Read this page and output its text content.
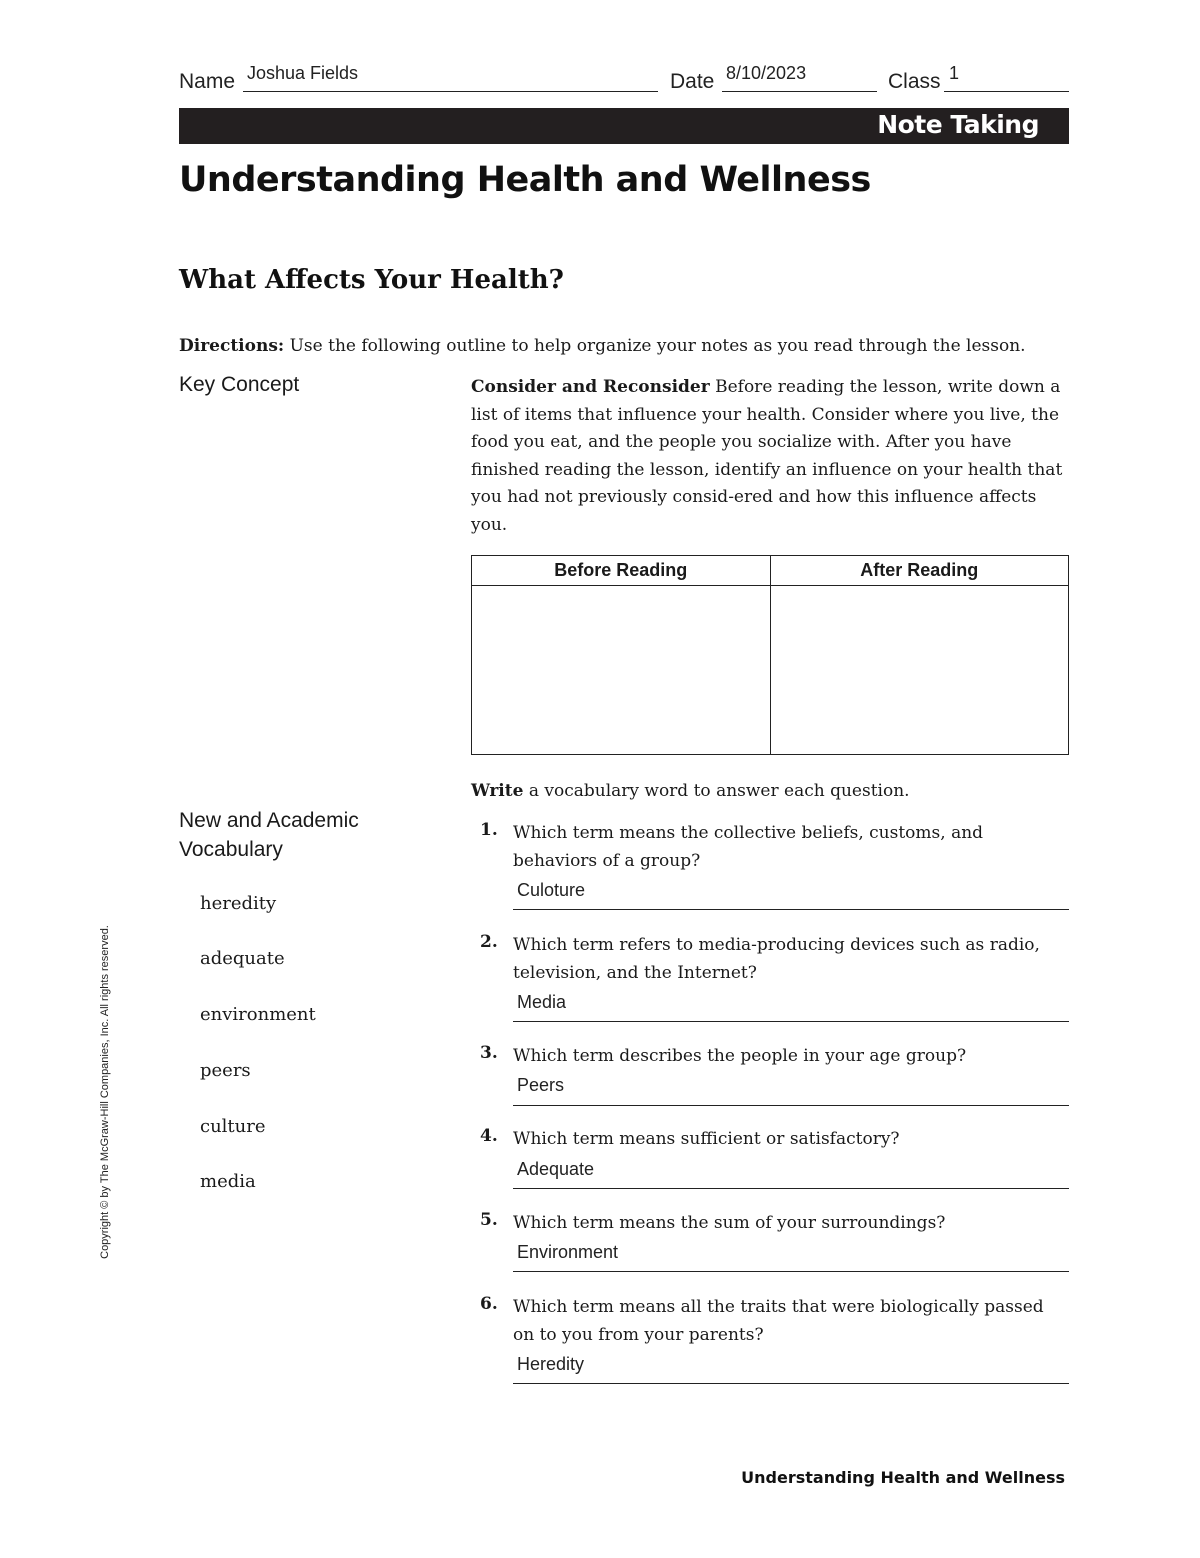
Name Joshua Fields	Date 8/10/2023	Class 1
Note Taking
Understanding Health and Wellness
What Affects Your Health?
Directions: Use the following outline to help organize your notes as you read through the lesson.
Key Concept	Consider and Reconsider Before reading the lesson, write down a list of items that influence your health. Consider where you live, the food you eat, and the people you socialize with. After you have finished reading the lesson, identify an influence on your health that you had not previously consid-ered and how this influence affects you.
Before Reading	After Reading

Write a vocabulary word to answer each question.
New and Academic Vocabulary
heredity
adequate
environment
peers
culture
media
1. Which term means the collective beliefs, customs, and behaviors of a group?
Culoture
2. Which term refers to media-producing devices such as radio, television, and the Internet?
Media
3. Which term describes the people in your age group?
Peers
4. Which term means sufficient or satisfactory?
Adequate
5. Which term means the sum of your surroundings?
Environment
6. Which term means all the traits that were biologically passed on to you from your parents?
Heredity
Copyright © by The McGraw-Hill Companies, Inc. All rights reserved.
Understanding Health and Wellness
